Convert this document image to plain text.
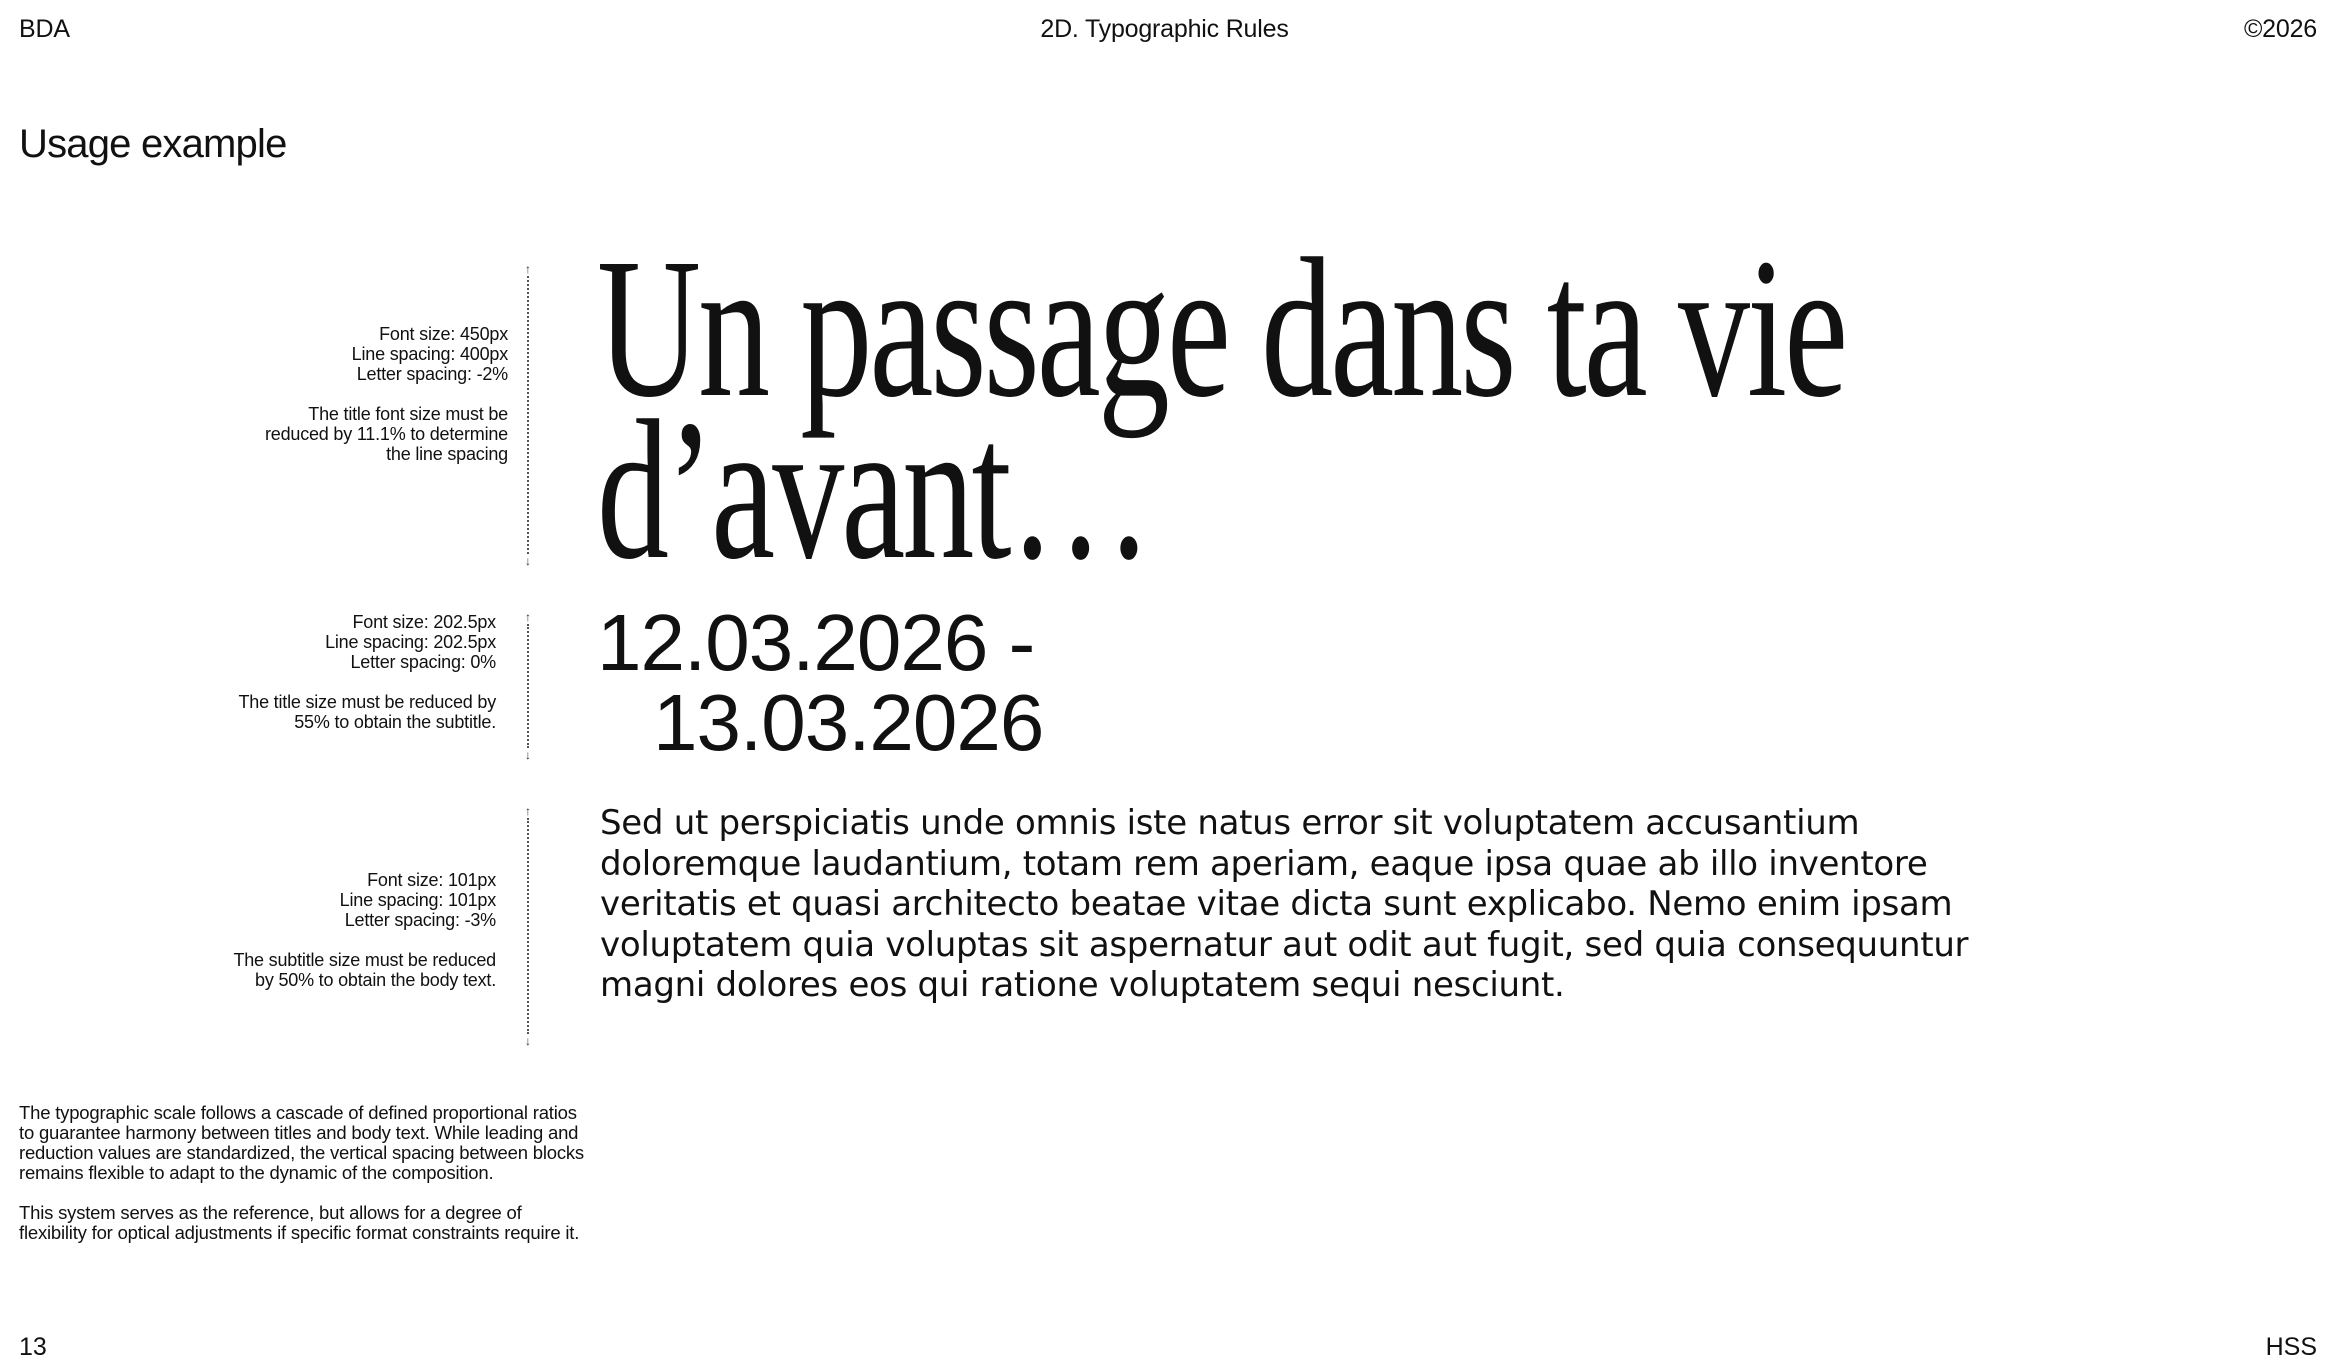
BDA	2D. Typographic Rules	©2026
Usage example

Font size: 450px

Line spacing: 400px

Letter spacing: -2%

The title font size must be

reduced by 11.1% to determine

the line spacing

↑
↓

Font size: 202.5px

Line spacing: 202.5px

Letter spacing: 0%

The title size must be reduced by

55% to obtain the subtitle.

↑
↓

Font size: 101px

Line spacing: 101px

Letter spacing: -3%

The subtitle size must be reduced

by 50% to obtain the body text.

↑
↓
Un passage dans ta vie
d’avant…
12.03.2026 -
13.03.2026
Sed ut perspiciatis unde omnis iste natus error sit voluptatem accusantium doloremque laudantium, totam rem aperiam, eaque ipsa quae ab illo inventore veritatis et quasi architecto beatae vitae dicta sunt explicabo. Nemo enim ipsam voluptatem quia voluptas sit aspernatur aut odit aut fugit, sed quia consequuntur magni dolores eos qui ratione voluptatem sequi nesciunt.

The typographic scale follows a cascade of defined proportional ratios to guarantee harmony between titles and body text. While leading and reduction values are standardized, the vertical spacing between blocks remains flexible to adapt to the dynamic of the composition.

This system serves as the reference, but allows for a degree of flexibility for optical adjustments if specific format constraints require it.

13	HSS
